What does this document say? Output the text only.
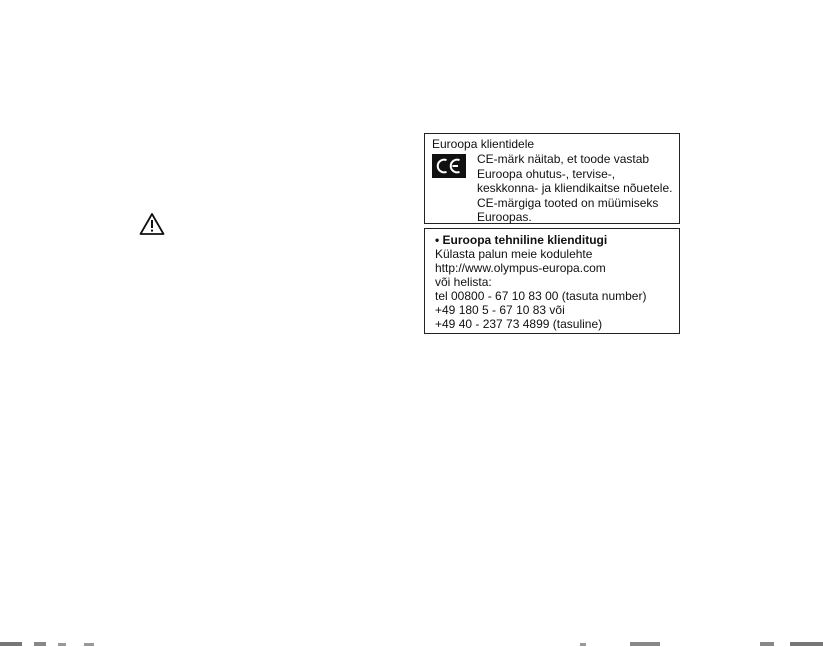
Euroopa klientidele
CE-märk näitab, et toode vastab
Euroopa ohutus-, tervise-,
keskkonna- ja kliendikaitse nõuetele.
CE-märgiga tooted on müümiseks
Euroopas.
• Euroopa tehniline klienditugi
Külasta palun meie kodulehte
http://www.olympus-europa.com
või helista:
tel 00800 - 67 10 83 00 (tasuta number)
+49 180 5 - 67 10 83 või
+49 40 - 237 73 4899 (tasuline)
